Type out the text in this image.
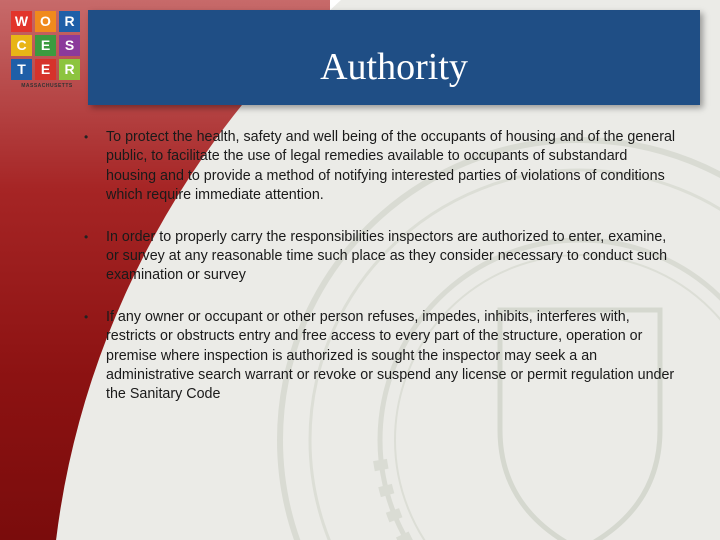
Authority
W O R
C	E	S
T	E	R
MASSACHUSETTS
• To protect the health, safety and well being of the occupants of housing and of the general public, to facilitate the use of legal remedies available to occupants of substandard housing and to provide a method of notifying interested parties of violations of conditions which require immediate attention.
• In order to properly carry the responsibilities inspectors are authorized to enter, examine, or survey at any reasonable time such place as they consider necessary to conduct such examination or survey
• If any owner or occupant or other person refuses, impedes, inhibits, interferes with, restricts or obstructs entry and free access to every part of the structure, operation or premise where inspection is authorized is sought the inspector may seek a an administrative search warrant or revoke or suspend any license or permit regulation under the Sanitary Code
